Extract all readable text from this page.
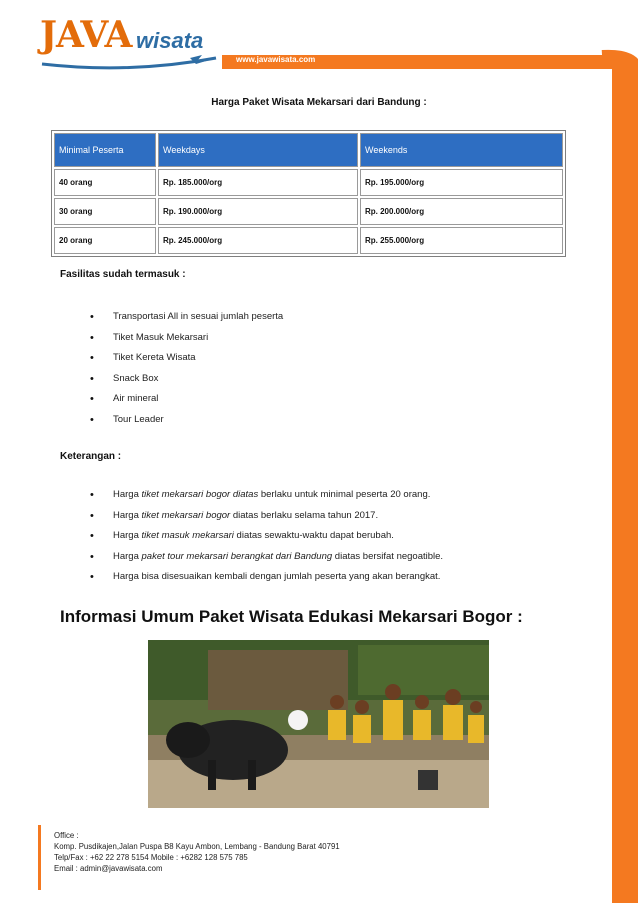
JAVA wisata
www.javawisata.com
Harga Paket Wisata Mekarsari dari Bandung :
Minimal Peserta	Weekdays	Weekends
40 orang	Rp. 185.000/org	Rp. 195.000/org
30 orang	Rp. 190.000/org	Rp. 200.000/org
20 orang	Rp. 245.000/org	Rp. 255.000/org
Fasilitas sudah termasuk :
• Transportasi All in sesuai jumlah peserta
• Tiket Masuk Mekarsari
• Tiket Kereta Wisata
• Snack Box
• Air mineral
• Tour Leader
Keterangan :
• Harga tiket mekarsari bogor diatas berlaku untuk minimal peserta 20 orang.
• Harga tiket mekarsari bogor diatas berlaku selama tahun 2017.
• Harga tiket masuk mekarsari diatas sewaktu-waktu dapat berubah.
• Harga paket tour mekarsari berangkat dari Bandung diatas bersifat negoatible.
• Harga bisa disesuaikan kembali dengan jumlah peserta yang akan berangkat.
Informasi Umum Paket Wisata Edukasi Mekarsari Bogor :
Office :
Komp. Pusdikajen,Jalan Puspa B8 Kayu Ambon, Lembang - Bandung Barat 40791
Telp/Fax : +62 22 278 5154 Mobile : +6282 128 575 785
Email : admin@javawisata.com
